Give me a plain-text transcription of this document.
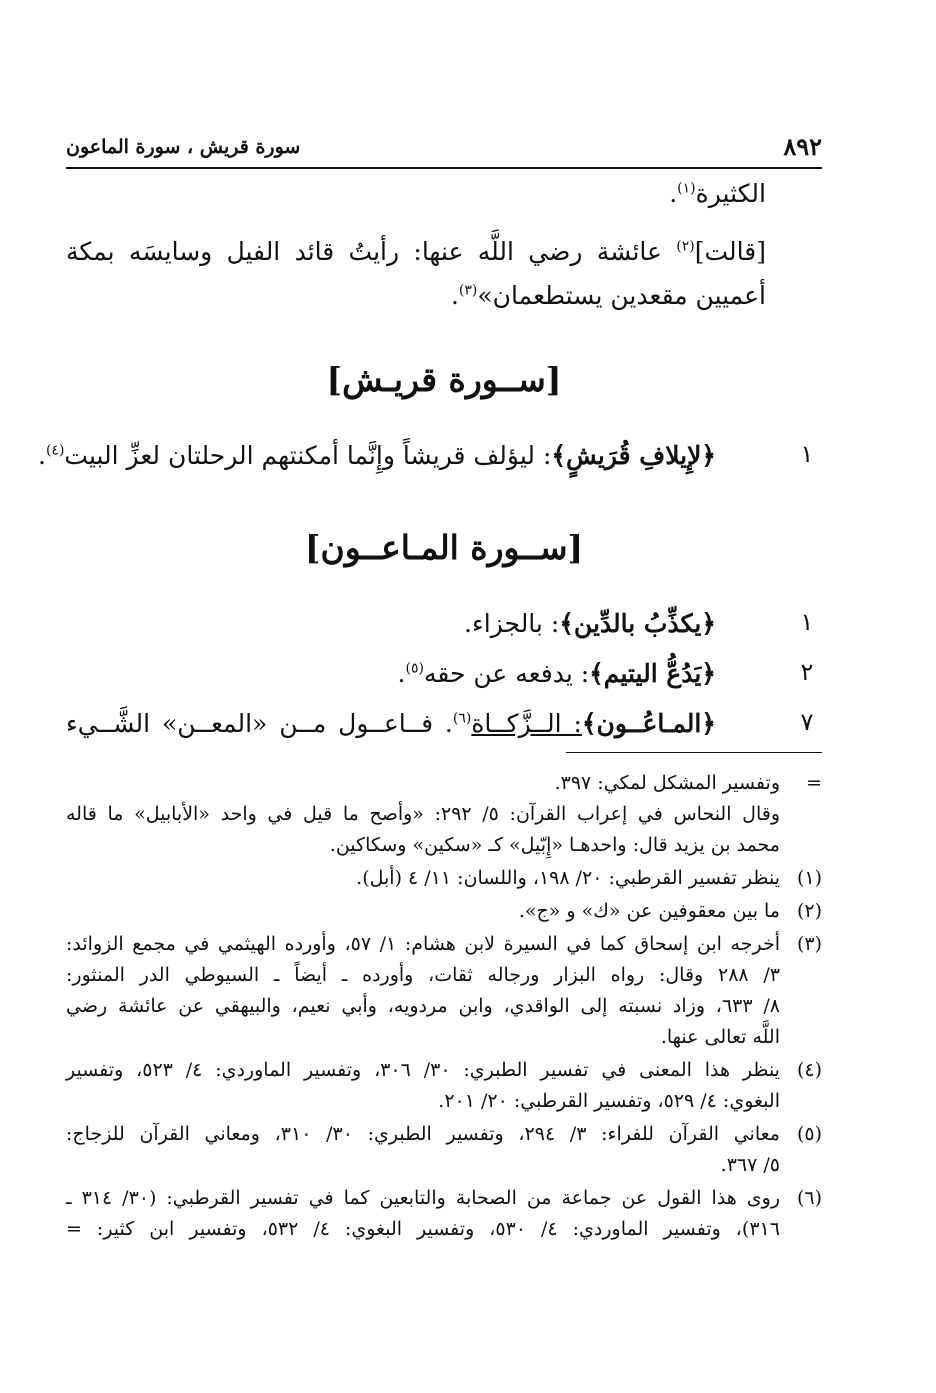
سورة قريش ، سورة الماعون	٨٩٢
الكثيرة$^{(١)}$.
[قالت]$^{(٢)}$ عائشة رضي اللَّه عنها: رأيتُ قائد الفيل وسايسَه بمكة
أعميين مقعدين يستطعمان»$^{(٣)}$.
[ســورة قريـش]
١
﴿لإِيلافِ قُرَيشٍ﴾: ليؤلف قريشاً وإِنَّما أمكنتهم الرحلتان لعزِّ البيت$^{(٤)}$.
[ســورة المـاعــون]
١
﴿يكذِّبُ بالدِّين﴾: بالجزاء.
٢
﴿يَدُعُّ اليتيم﴾: يدفعه عن حقه$^{(٥)}$.
٧
﴿المـاعُــون﴾: الــزَّكــاة$^{(٦)}$. فــاعــول مــن «المعــن» الشَّــيء
=
وتفسير المشكل لمكي: ٣٩٧.
وقال النحاس في إعراب القرآن: ٥/ ٢٩٢: «وأصح ما قيل في واحد «الأبابيل» ما قاله
محمد بن يزيد قال: واحدهـا «إِبّيل» كـ «سكين» وسكاكين.
(١)
ينظر تفسير القرطبي: ٢٠/ ١٩٨، واللسان: ١١/ ٤ (أبل).
(٢)
ما بين معقوفين عن «ك» و «ج».
(٣)
أخرجه ابن إسحاق كما في السيرة لابن هشام: ١/ ٥٧، وأورده الهيثمي في مجمع الزوائد:
٣/ ٢٨٨ وقال: رواه البزار ورجاله ثقات، وأورده ـ أيضاً ـ السيوطي الدر المنثور:
٨/ ٦٣٣، وزاد نسبته إلى الواقدي، وابن مردويه، وأبي نعيم، والبيهقي عن عائشة رضي
اللَّه تعالى عنها.
(٤)
ينظر هذا المعنى في تفسير الطبري: ٣٠/ ٣٠٦، وتفسير الماوردي: ٤/ ٥٢٣، وتفسير
البغوي: ٤/ ٥٢٩، وتفسير القرطبي: ٢٠/ ٢٠١.
(٥)
معاني القرآن للفراء: ٣/ ٢٩٤، وتفسير الطبري: ٣٠/ ٣١٠، ومعاني القرآن للزجاج:
٥/ ٣٦٧.
(٦)
روى هذا القول عن جماعة من الصحابة والتابعين كما في تفسير القرطبي: (٣٠/ ٣١٤ ـ
٣١٦)، وتفسير الماوردي: ٤/ ٥٣٠، وتفسير البغوي: ٤/ ٥٣٢، وتفسير ابن كثير: =
